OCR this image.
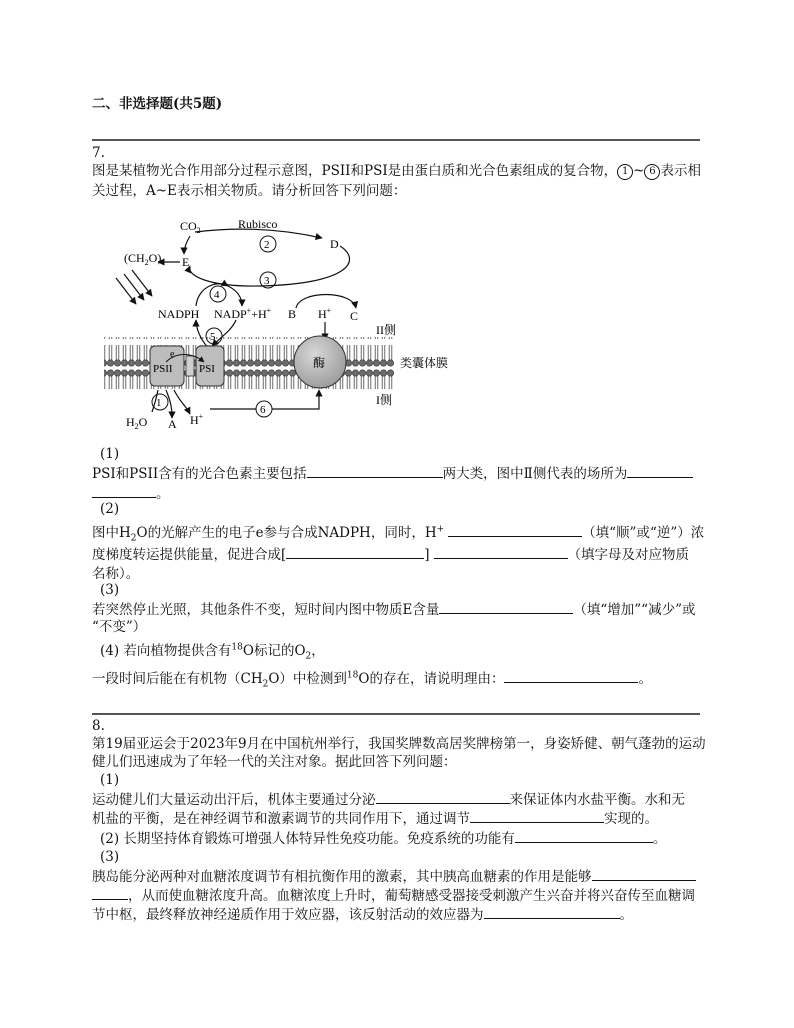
二、非选择题(共5题)
7.
图是某植物光合作用部分过程示意图，PSII和PSI是由蛋白质和光合色素组成的复合物， 1 ~ 6 表示相
关过程，A~E表示相关物质。请分析回答下列问题：
$CO_2$	Rubisco
D
$(CH_2O)$ E
2
3
4
5
NADPH NADP++H+ B H+ C
II侧
类囊体膜
I侧
e
PSII PSI	酶
1
6
$H_2O$ A H+
(1)
PSI和PSII含有的光合色素主要包括	两大类，图中Ⅱ侧代表的场所为
。
(2)
图中$H_2O$的光解产生的电子e参与合成NADPH，同时，H+	（填“顺”或“逆”）浓
度梯度转运提供能量，促进合成[	]	（填字母及对应物质
名称）。
(3)
若突然停止光照，其他条件不变，短时间内图中物质E含量	（填“增加”“减少”或
“不变”）
(4) 若向植物提供含有$^{18}$O标记的$O_2$，
一段时间后能在有机物$(CH_2O)$中检测到$^{18}$O的存在，请说明理由：	。
8.
第19届亚运会于2023年9月在中国杭州举行，我国奖牌数高居奖牌榜第一，身姿矫健、朝气蓬勃的运动
健儿们迅速成为了年轻一代的关注对象。据此回答下列问题：
(1)
运动健儿们大量运动出汗后，机体主要通过分泌	来保证体内水盐平衡。水和无
机盐的平衡，是在神经调节和激素调节的共同作用下，通过调节	实现的。
(2) 长期坚持体育锻炼可增强人体特异性免疫功能。免疫系统的功能有	。
(3)
胰岛能分泌两种对血糖浓度调节有相抗衡作用的激素，其中胰高血糖素的作用是能够
，从而使血糖浓度升高。血糖浓度上升时，葡萄糖感受器接受刺激产生兴奋并将兴奋传至血糖调
节中枢，最终释放神经递质作用于效应器，该反射活动的效应器为	。
